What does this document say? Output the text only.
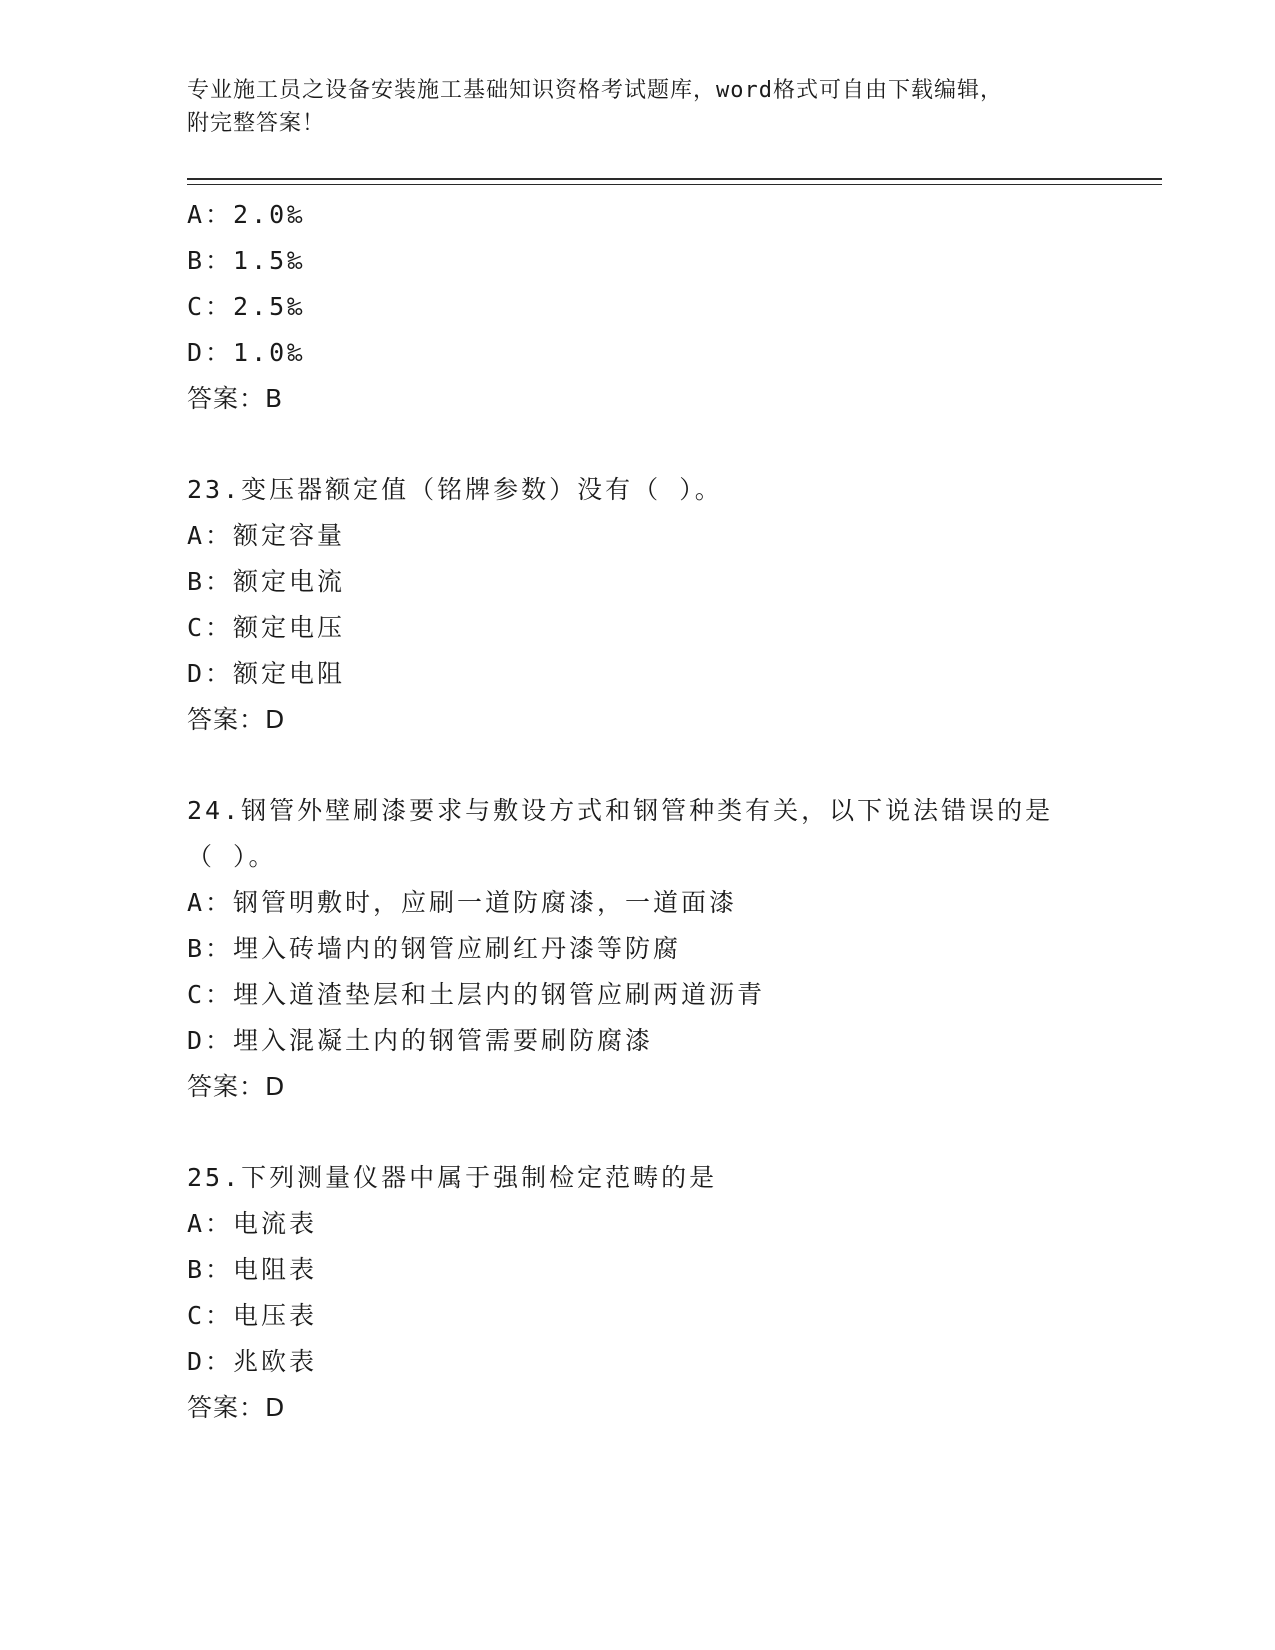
专业施工员之设备安装施工基础知识资格考试题库，word格式可自由下载编辑，
附完整答案！
A：2.0‰
B：1.5‰
C：2.5‰
D：1.0‰
答案：B
23.变压器额定值（铭牌参数）没有（ ）。
A：额定容量
B：额定电流
C：额定电压
D：额定电阻
答案：D
24.钢管外壁刷漆要求与敷设方式和钢管种类有关，以下说法错误的是
（ ）。
A：钢管明敷时，应刷一道防腐漆，一道面漆
B：埋入砖墙内的钢管应刷红丹漆等防腐
C：埋入道渣垫层和土层内的钢管应刷两道沥青
D：埋入混凝土内的钢管需要刷防腐漆
答案：D
25.下列测量仪器中属于强制检定范畴的是
A：电流表
B：电阻表
C：电压表
D：兆欧表
答案：D
